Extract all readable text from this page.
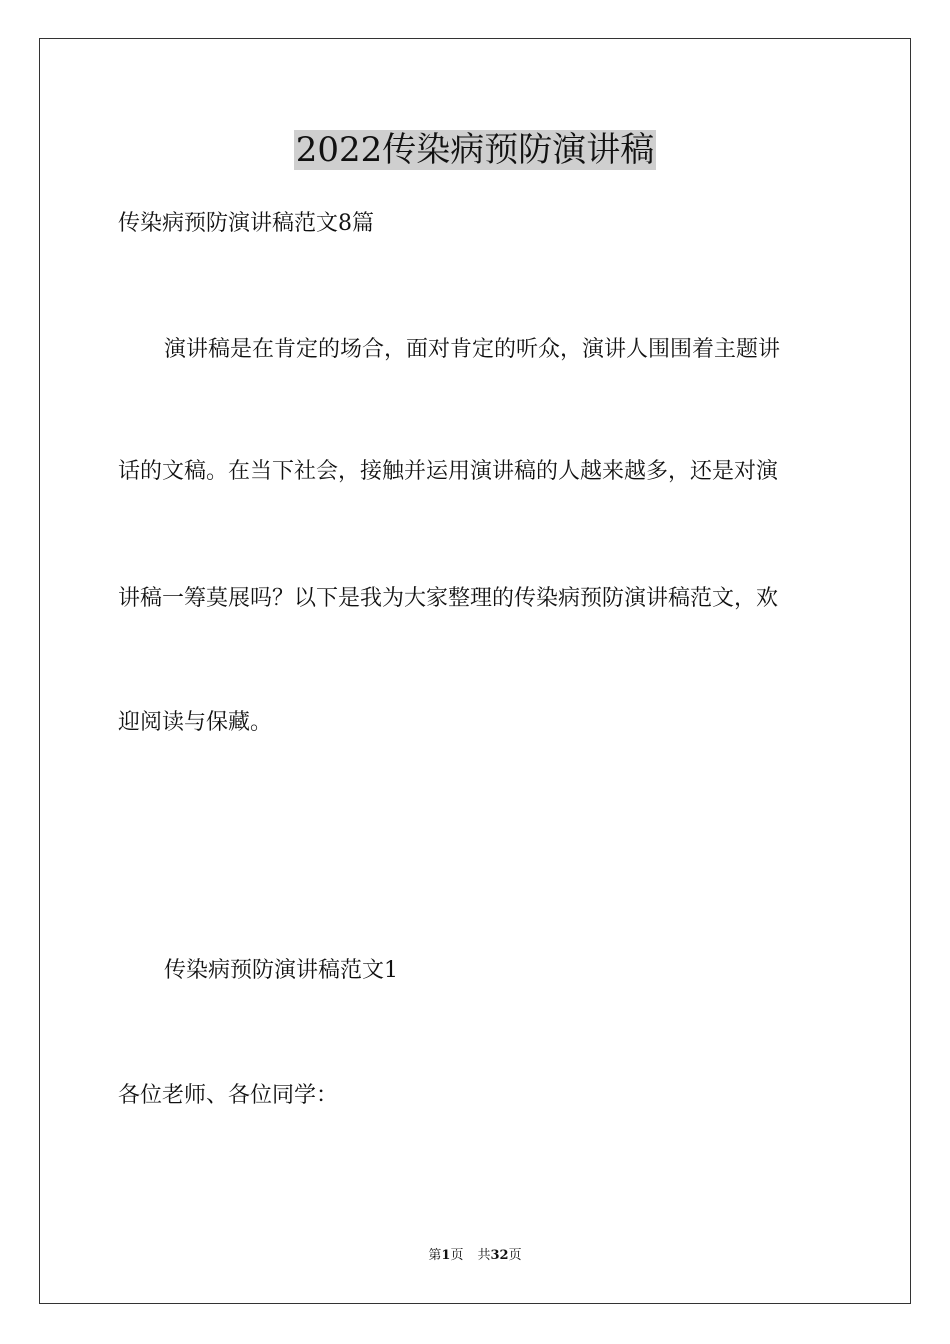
2022传染病预防演讲稿
传染病预防演讲稿范文8篇
演讲稿是在肯定的场合，面对肯定的听众，演讲人围围着主题讲
话的文稿。在当下社会，接触并运用演讲稿的人越来越多，还是对演
讲稿一筹莫展吗？以下是我为大家整理的传染病预防演讲稿范文，欢
迎阅读与保藏。
传染病预防演讲稿范文1
各位老师、各位同学：
第1页 共32页
